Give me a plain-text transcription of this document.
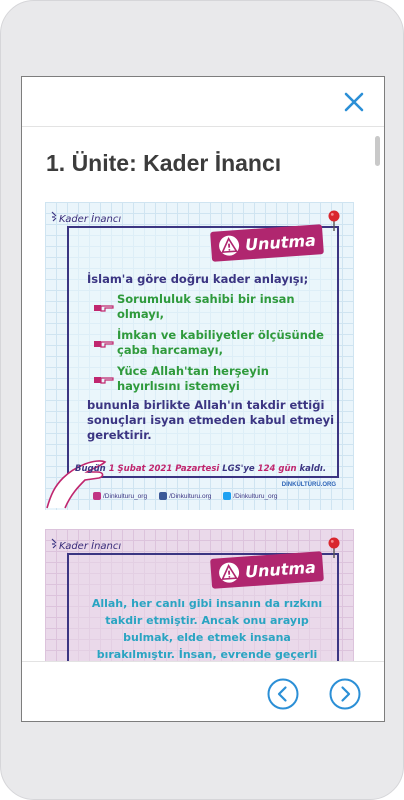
1. Ünite: Kader İnancı
Kader İnancı
Unutma
İslam'a göre doğru kader anlayışı;
Sorumluluk sahibi bir insan olmayı,
İmkan ve kabiliyetler ölçüsünde çaba harcamayı,
Yüce Allah'tan herşeyin hayırlısını istemeyi
bununla birlikte Allah'ın takdir ettiği sonuçları isyan etmeden kabul etmeyi gerektirir.
Bugün 1 Şubat 2021 Pazartesi LGS'ye 124 gün kaldı.
DİNKÜLTÜRÜ.ORG
/Dinkulturu_org	/Dinkulturu.org	/Dinkulturu_org
Kader İnancı
Unutma
Allah, her canlı gibi insanın da rızkını takdir etmiştir. Ancak onu arayıp bulmak, elde etmek insana bırakılmıştır. İnsan, evrende geçerli
